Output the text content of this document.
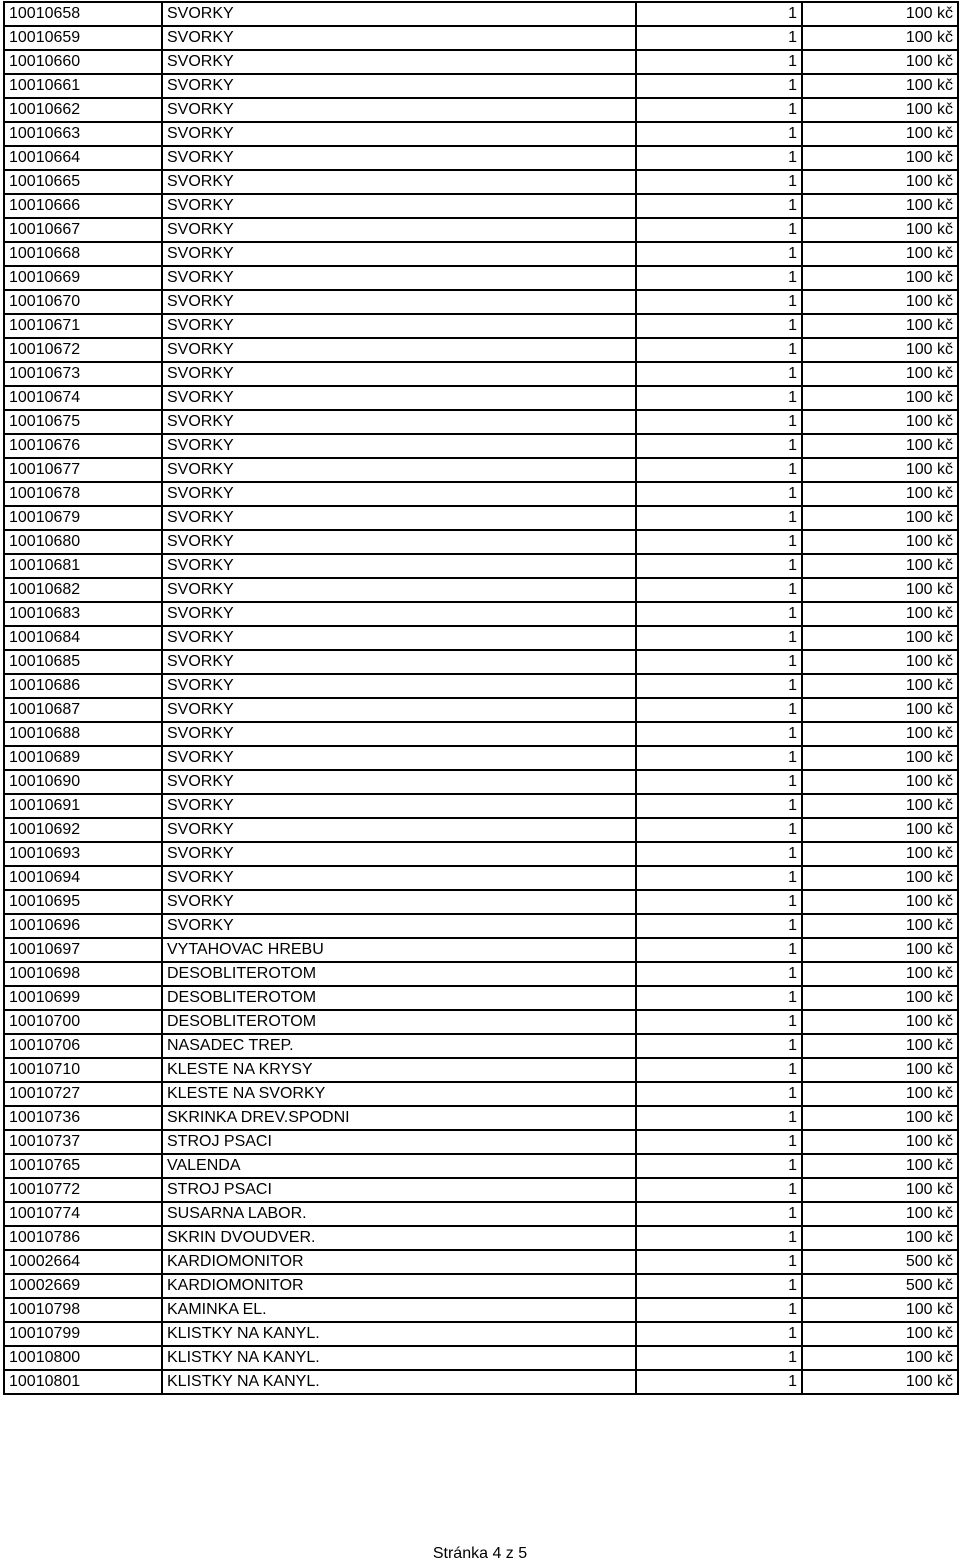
10010658	SVORKY	1	100 kč
10010659	SVORKY	1	100 kč
10010660	SVORKY	1	100 kč
10010661	SVORKY	1	100 kč
10010662	SVORKY	1	100 kč
10010663	SVORKY	1	100 kč
10010664	SVORKY	1	100 kč
10010665	SVORKY	1	100 kč
10010666	SVORKY	1	100 kč
10010667	SVORKY	1	100 kč
10010668	SVORKY	1	100 kč
10010669	SVORKY	1	100 kč
10010670	SVORKY	1	100 kč
10010671	SVORKY	1	100 kč
10010672	SVORKY	1	100 kč
10010673	SVORKY	1	100 kč
10010674	SVORKY	1	100 kč
10010675	SVORKY	1	100 kč
10010676	SVORKY	1	100 kč
10010677	SVORKY	1	100 kč
10010678	SVORKY	1	100 kč
10010679	SVORKY	1	100 kč
10010680	SVORKY	1	100 kč
10010681	SVORKY	1	100 kč
10010682	SVORKY	1	100 kč
10010683	SVORKY	1	100 kč
10010684	SVORKY	1	100 kč
10010685	SVORKY	1	100 kč
10010686	SVORKY	1	100 kč
10010687	SVORKY	1	100 kč
10010688	SVORKY	1	100 kč
10010689	SVORKY	1	100 kč
10010690	SVORKY	1	100 kč
10010691	SVORKY	1	100 kč
10010692	SVORKY	1	100 kč
10010693	SVORKY	1	100 kč
10010694	SVORKY	1	100 kč
10010695	SVORKY	1	100 kč
10010696	SVORKY	1	100 kč
10010697	VYTAHOVAC HREBU	1	100 kč
10010698	DESOBLITEROTOM	1	100 kč
10010699	DESOBLITEROTOM	1	100 kč
10010700	DESOBLITEROTOM	1	100 kč
10010706	NASADEC TREP.	1	100 kč
10010710	KLESTE NA KRYSY	1	100 kč
10010727	KLESTE NA SVORKY	1	100 kč
10010736	SKRINKA DREV.SPODNI	1	100 kč
10010737	STROJ PSACI	1	100 kč
10010765	VALENDA	1	100 kč
10010772	STROJ PSACI	1	100 kč
10010774	SUSARNA LABOR.	1	100 kč
10010786	SKRIN DVOUDVER.	1	100 kč
10002664	KARDIOMONITOR	1	500 kč
10002669	KARDIOMONITOR	1	500 kč
10010798	KAMINKA EL.	1	100 kč
10010799	KLISTKY NA KANYL.	1	100 kč
10010800	KLISTKY NA KANYL.	1	100 kč
10010801	KLISTKY NA KANYL.	1	100 kč
Stránka 4 z 5
